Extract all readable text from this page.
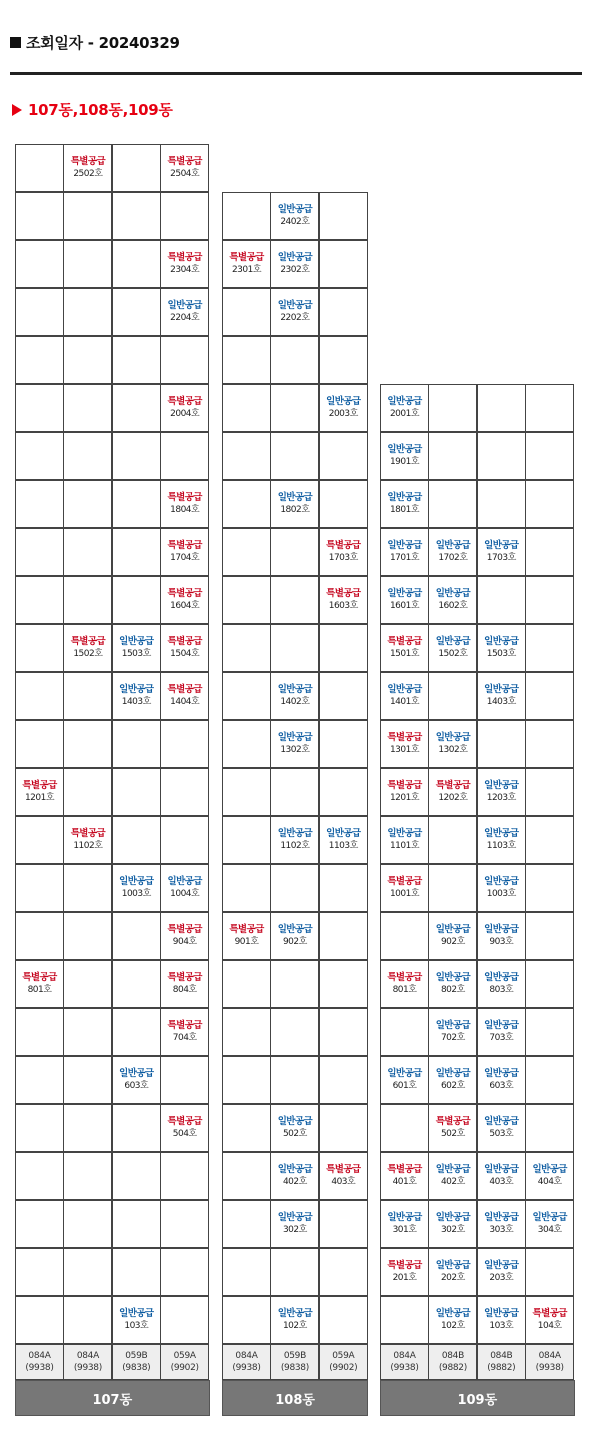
조회일자 - 20240329
107동,108동,109동
특별공급
2502호
특별공급
2504호
특별공급
2304호
일반공급
2204호
특별공급
2004호
특별공급
1804호
특별공급
1704호
특별공급
1604호
특별공급
1502호
일반공급
1503호
특별공급
1504호
일반공급
1403호
특별공급
1404호
특별공급
1201호
특별공급
1102호
일반공급
1003호
일반공급
1004호
특별공급
904호
특별공급
801호
특별공급
804호
특별공급
704호
일반공급
603호
특별공급
504호
일반공급
103호
084A
(9938)
084A
(9938)
059B
(9838)
059A
(9902)
107동
일반공급
2402호
특별공급
2301호
일반공급
2302호
일반공급
2202호
일반공급
2003호
일반공급
1802호
특별공급
1703호
특별공급
1603호
일반공급
1402호
일반공급
1302호
일반공급
1102호
일반공급
1103호
특별공급
901호
일반공급
902호
일반공급
502호
일반공급
402호
특별공급
403호
일반공급
302호
일반공급
102호
084A
(9938)
059B
(9838)
059A
(9902)
108동
일반공급
2001호
일반공급
1901호
일반공급
1801호
일반공급
1701호
일반공급
1702호
일반공급
1703호
일반공급
1601호
일반공급
1602호
특별공급
1501호
일반공급
1502호
일반공급
1503호
일반공급
1401호
일반공급
1403호
특별공급
1301호
일반공급
1302호
특별공급
1201호
특별공급
1202호
일반공급
1203호
일반공급
1101호
일반공급
1103호
특별공급
1001호
일반공급
1003호
일반공급
902호
일반공급
903호
특별공급
801호
일반공급
802호
일반공급
803호
일반공급
702호
일반공급
703호
일반공급
601호
일반공급
602호
일반공급
603호
특별공급
502호
일반공급
503호
특별공급
401호
일반공급
402호
일반공급
403호
일반공급
404호
일반공급
301호
일반공급
302호
일반공급
303호
일반공급
304호
특별공급
201호
일반공급
202호
일반공급
203호
일반공급
102호
일반공급
103호
특별공급
104호
084A
(9938)
084B
(9882)
084B
(9882)
084A
(9938)
109동
